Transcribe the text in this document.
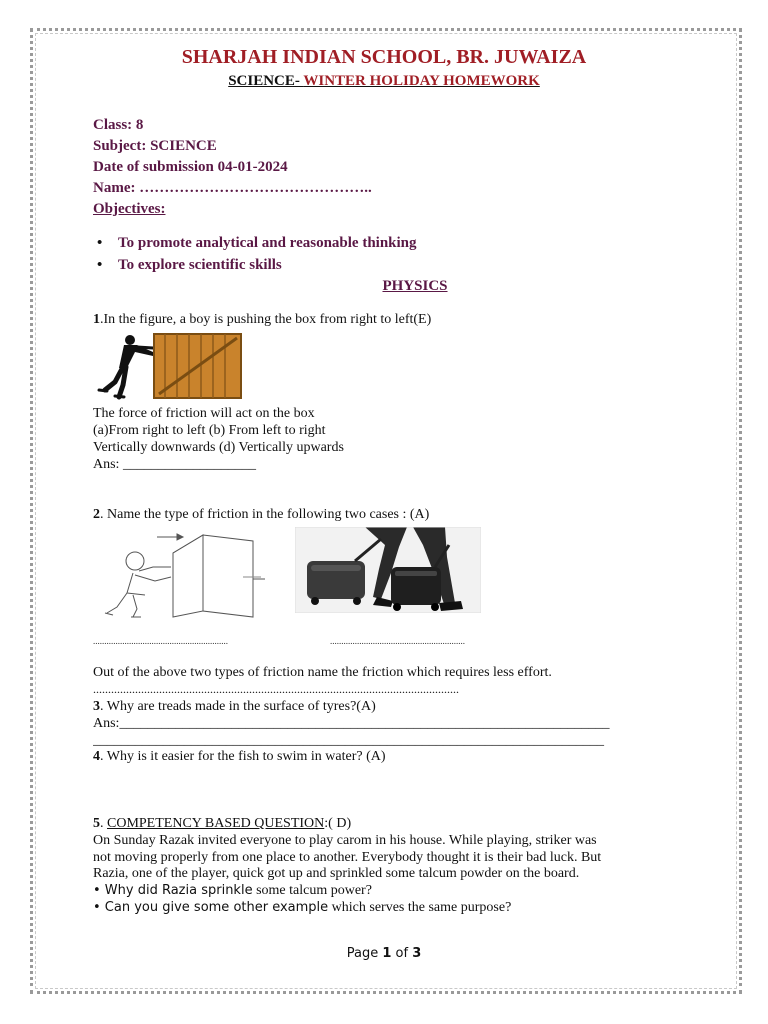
SHARJAH INDIAN SCHOOL, BR. JUWAIZA
SCIENCE- WINTER HOLIDAY HOMEWORK
Class: 8
Subject: SCIENCE
Date of submission 04-01-2024
Name: ………………………………………..
Objectives:
• To promote analytical and reasonable thinking
• To explore scientific skills
PHYSICS
1.In the figure, a boy is pushing the box from right to left(E)
The force of friction will act on the box
(a)From right to left (b) From left to right
Vertically downwards (d) Vertically upwards
Ans: ___________________
2. Name the type of friction in the following two cases : (A)
............................................................	............................................................
Out of the above two types of friction name the friction which requires less effort.
..........................................................................................................................
3. Why are treads made in the surface of tyres?(A)
Ans:______________________________________________________________________
_________________________________________________________________________
4. Why is it easier for the fish to swim in water? (A)
5. COMPETENCY BASED QUESTION:( D)
On Sunday Razak invited everyone to play carom in his house. While playing, striker was
not moving properly from one place to another. Everybody thought it is their bad luck. But
Razia, one of the player, quick got up and sprinkled some talcum powder on the board.
• Why did Razia sprinkle some talcum power?
• Can you give some other example which serves the same purpose?
Page 1 of 3
